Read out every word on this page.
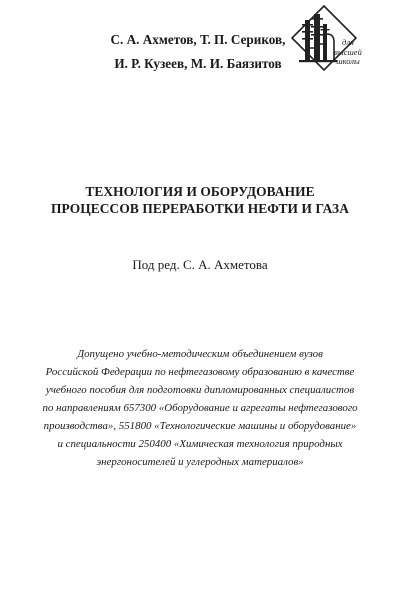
С. А. Ахметов, Т. П. Сериков,
И. Р. Кузеев, М. И. Баязитов
для
высшей
школы
ТЕХНОЛОГИЯ И ОБОРУДОВАНИЕ
ПРОЦЕССОВ ПЕРЕРАБОТКИ НЕФТИ И ГАЗА
Под ред. С. А. Ахметова
Допущено учебно-методическим объединением вузов
Российской Федерации по нефтегазовому образованию в качестве
учебного пособия для подготовки дипломированных специалистов
по направлениям 657300 «Оборудование и агрегаты нефтегазового
производства», 551800 «Технологические машины и оборудование»
и специальности 250400 «Химическая технология природных
энергоносителей и углеродных материалов»
